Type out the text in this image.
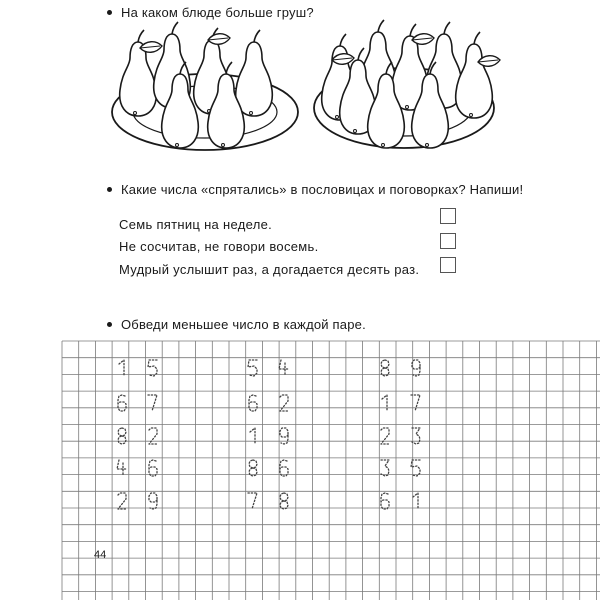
На каком блюде больше груш?
Какие числа «спрятались» в пословицах и поговорках? Напиши!
Семь пятниц на неделе.
Не сосчитав, не говори восемь.
Мудрый услышит раз, а догадается десять раз.
Обведи меньшее число в каждой паре.
44
